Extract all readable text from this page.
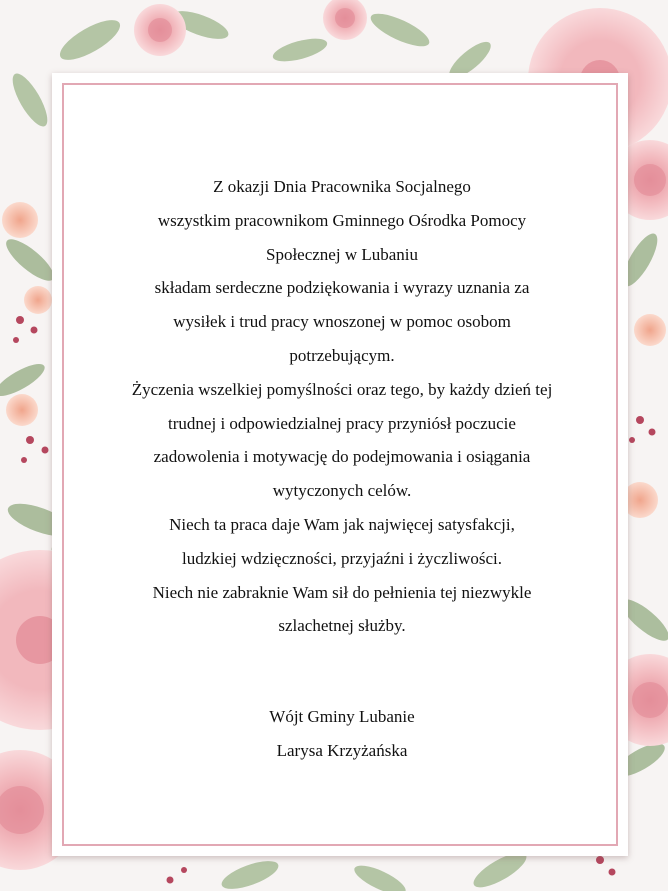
Z okazji Dnia Pracownika Socjalnego
wszystkim pracownikom Gminnego Ośrodka Pomocy
Społecznej w Lubaniu
składam serdeczne podziękowania i wyrazy uznania za
wysiłek i trud pracy wnoszonej w pomoc osobom
potrzebującym.
Życzenia wszelkiej pomyślności oraz tego, by każdy dzień tej
trudnej i odpowiedzialnej pracy przyniósł poczucie
zadowolenia i motywację do podejmowania i osiągania
wytyczonych celów.
Niech ta praca daje Wam jak najwięcej satysfakcji,
ludzkiej wdzięczności, przyjaźni i życzliwości.
Niech nie zabraknie Wam sił do pełnienia tej niezwykle
szlachetnej służby.
Wójt Gminy Lubanie
Larysa Krzyżańska
